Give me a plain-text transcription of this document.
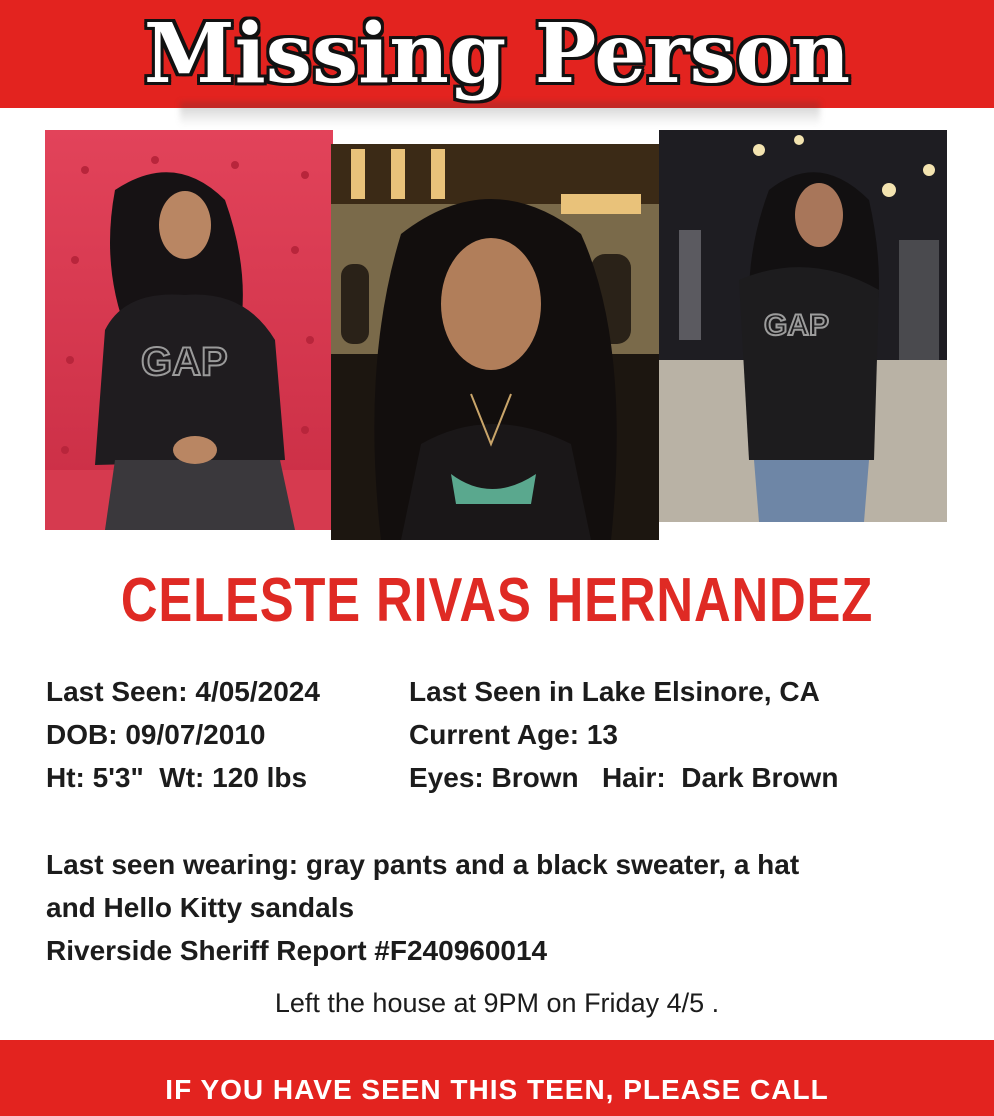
Missing Person
GAP
GAP
CELESTE RIVAS HERNANDEZ
Last Seen: 4/05/2024	Last Seen in Lake Elsinore, CA
DOB: 09/07/2010	Current Age: 13
Ht: 5'3"  Wt: 120 lbs	Eyes: Brown   Hair:  Dark Brown
Last seen wearing: gray pants and a black sweater, a hat
and Hello Kitty sandals
Riverside Sheriff Report #F240960014
Left the house at 9PM on Friday 4/5 .
IF YOU HAVE SEEN THIS TEEN, PLEASE CALL
